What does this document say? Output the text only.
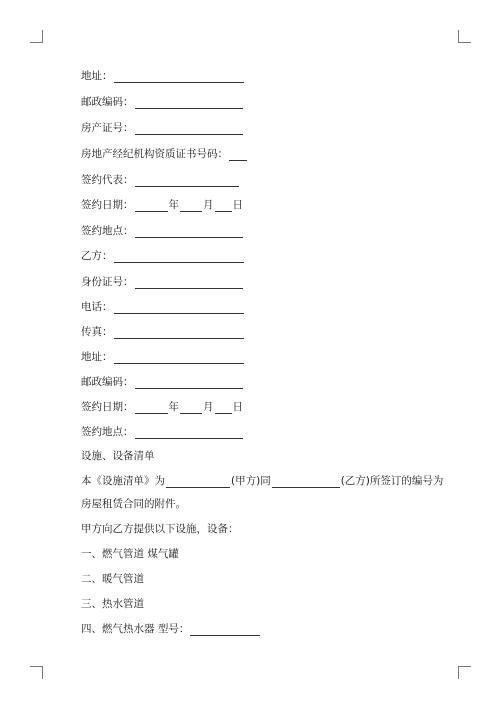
地址：
邮政编码：
房产证号：
房地产经纪机构资质证书号码：
签约代表：
签约日期：	年 月 日
签约地点：
乙方：
身份证号：
电话：
传真：
地址：
邮政编码：
签约日期：	年 月 日
签约地点：
设施、设备清单
本《设施清单》为	(甲方)同	(乙方)所签订的编号为
房屋租赁合同的附件。
甲方向乙方提供以下设施，设备：
一、燃气管道 煤气罐
二、暖气管道
三、热水管道
四、燃气热水器 型号：
